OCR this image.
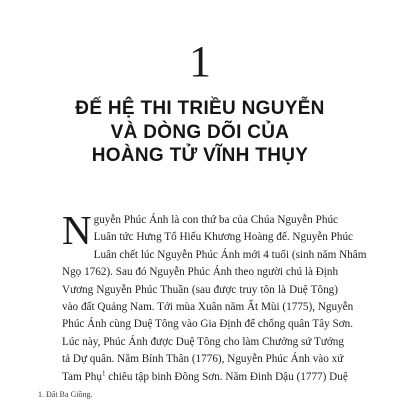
1
ĐẾ HỆ THI TRIỀU NGUYỄN
VÀ DÒNG DÕI CỦA
HOÀNG TỬ VĨNH THỤY
N guyễn Phúc Ánh là con thứ ba của Chúa Nguyễn Phúc
Luân tức Hưng Tổ Hiếu Khương Hoàng đế. Nguyễn Phúc
Luân chết lúc Nguyễn Phúc Ánh mới 4 tuổi (sinh năm Nhâm
Ngọ 1762). Sau đó Nguyễn Phúc Ánh theo người chú là Định
Vương Nguyễn Phúc Thuần (sau được truy tôn là Duệ Tông)
vào đất Quảng Nam. Tới mùa Xuân năm Ất Mùi (1775), Nguyễn
Phúc Ánh cùng Duệ Tông vào Gia Định để chống quân Tây Sơn.
Lúc này, Phúc Ánh được Duệ Tông cho làm Chưởng sứ Tướng
tả Dự quân. Năm Bính Thân (1776), Nguyễn Phúc Ánh vào xứ
Tam Phụ$^1$ chiêu tập binh Đông Sơn. Năm Đinh Dậu (1777) Duệ
1. Đất Ba Giồng.
